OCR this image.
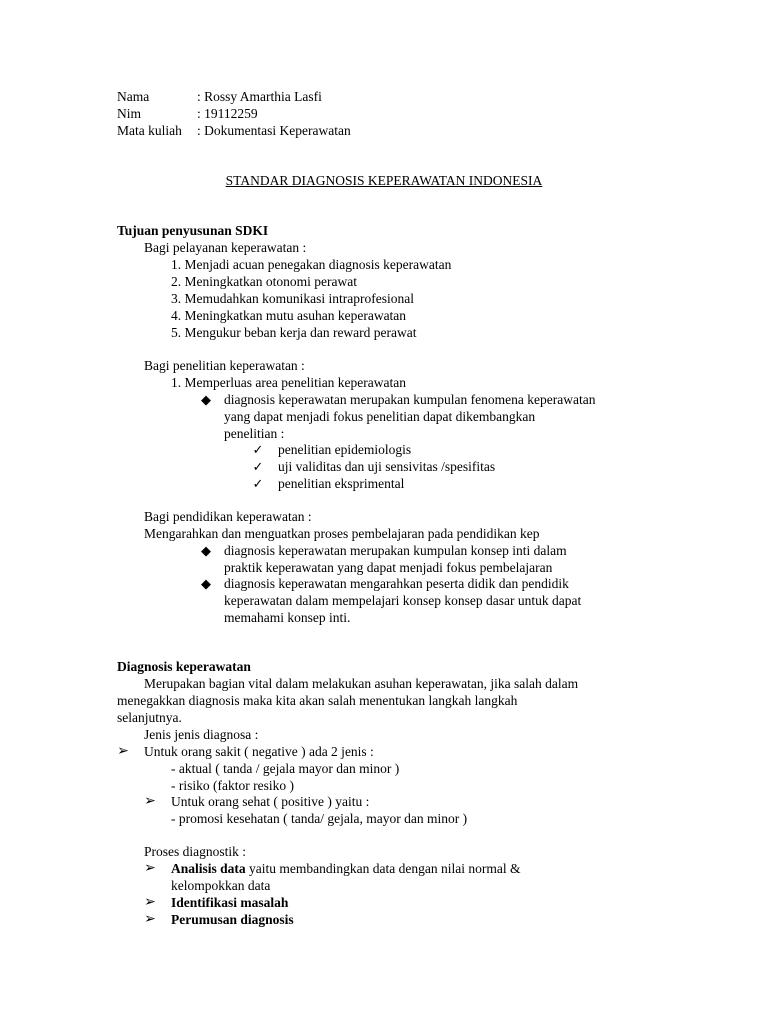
Nama	: Rossy Amarthia Lasfi
Nim	: 19112259
Mata kuliah : Dokumentasi Keperawatan
STANDAR DIAGNOSIS KEPERAWATAN INDONESIA
Tujuan penyusunan SDKI
Bagi pelayanan keperawatan :
1. Menjadi acuan penegakan diagnosis keperawatan
2. Meningkatkan otonomi perawat
3. Memudahkan komunikasi intraprofesional
4. Meningkatkan mutu asuhan keperawatan
5. Mengukur beban kerja dan reward perawat
Bagi penelitian keperawatan :
1. Memperluas area penelitian keperawatan
◆ diagnosis keperawatan merupakan kumpulan fenomena keperawatan
yang dapat menjadi fokus penelitian dapat dikembangkan
penelitian :
✓ penelitian epidemiologis
✓ uji validitas dan uji sensivitas /spesifitas
✓ penelitian eksprimental
Bagi pendidikan keperawatan :
Mengarahkan dan menguatkan proses pembelajaran pada pendidikan kep
◆ diagnosis keperawatan merupakan kumpulan konsep inti dalam
praktik keperawatan yang dapat menjadi fokus pembelajaran
◆ diagnosis keperawatan mengarahkan peserta didik dan pendidik
keperawatan dalam mempelajari konsep konsep dasar untuk dapat
memahami konsep inti.
Diagnosis keperawatan
Merupakan bagian vital dalam melakukan asuhan keperawatan, jika salah dalam
menegakkan diagnosis maka kita akan salah menentukan langkah langkah
selanjutnya.
Jenis jenis diagnosa :
➢ Untuk orang sakit ( negative ) ada 2 jenis :
- aktual ( tanda / gejala mayor dan minor )
- risiko (faktor resiko )
➢ Untuk orang sehat ( positive ) yaitu :
- promosi kesehatan ( tanda/ gejala, mayor dan minor )
Proses diagnostik :
➢ Analisis data yaitu membandingkan data dengan nilai normal &
kelompokkan data
➢ Identifikasi masalah
➢ Perumusan diagnosis
